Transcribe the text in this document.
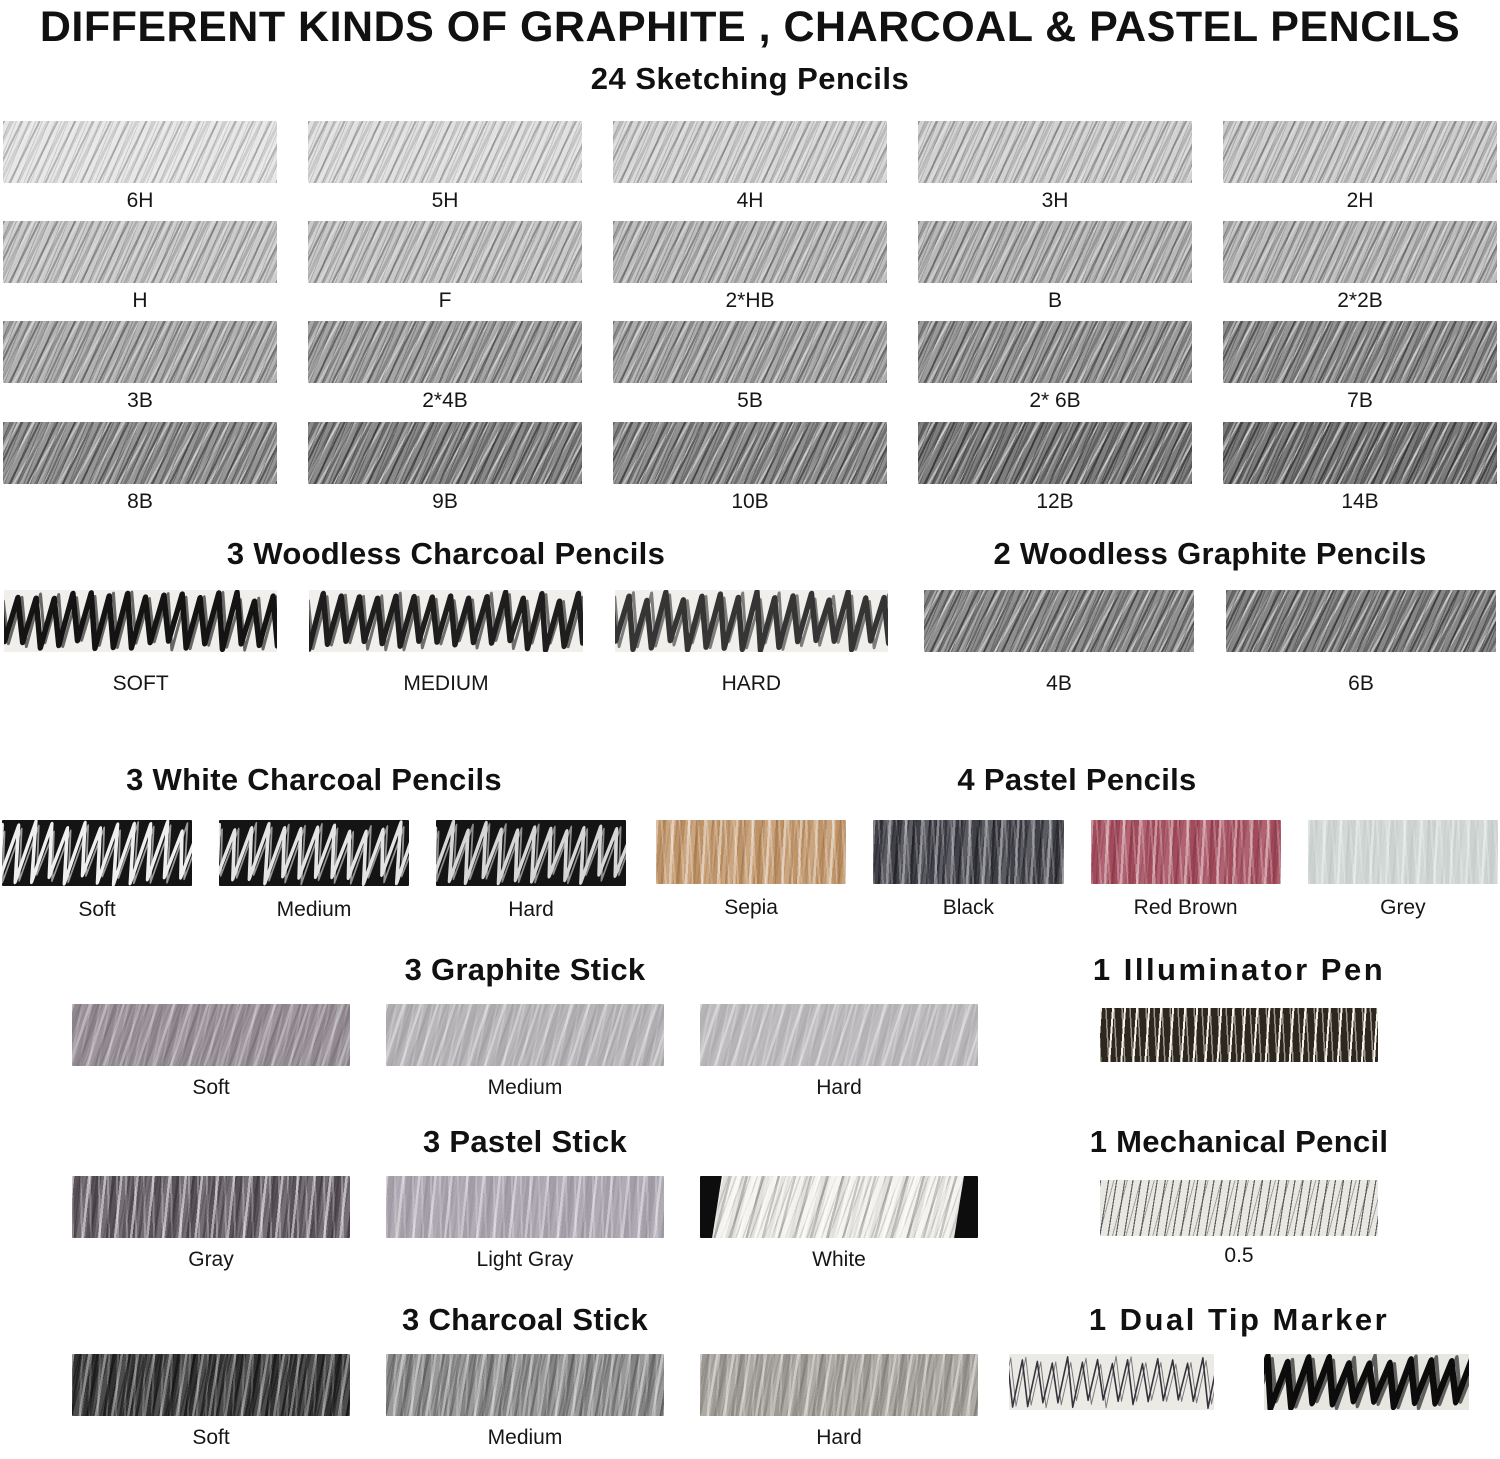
DIFFERENT KINDS OF GRAPHITE , CHARCOAL & PASTEL PENCILS
24 Sketching Pencils
6H	5H	4H	3H	2H
H	F	2*HB	B	2*2B
3B	2*4B	5B	2* 6B	7B
8B	9B	10B	12B	14B
3 Woodless Charcoal Pencils
SOFT	MEDIUM	HARD
2 Woodless Graphite Pencils
4B	6B
3 White Charcoal Pencils
Soft	Medium	Hard
4 Pastel Pencils
Sepia	Black	Red Brown	Grey
3 Graphite Stick
Soft	Medium	Hard
1 Illuminator Pen
3 Pastel Stick
Gray	Light Gray	White
1 Mechanical Pencil
0.5
3 Charcoal Stick
Soft	Medium	Hard
1 Dual Tip Marker
